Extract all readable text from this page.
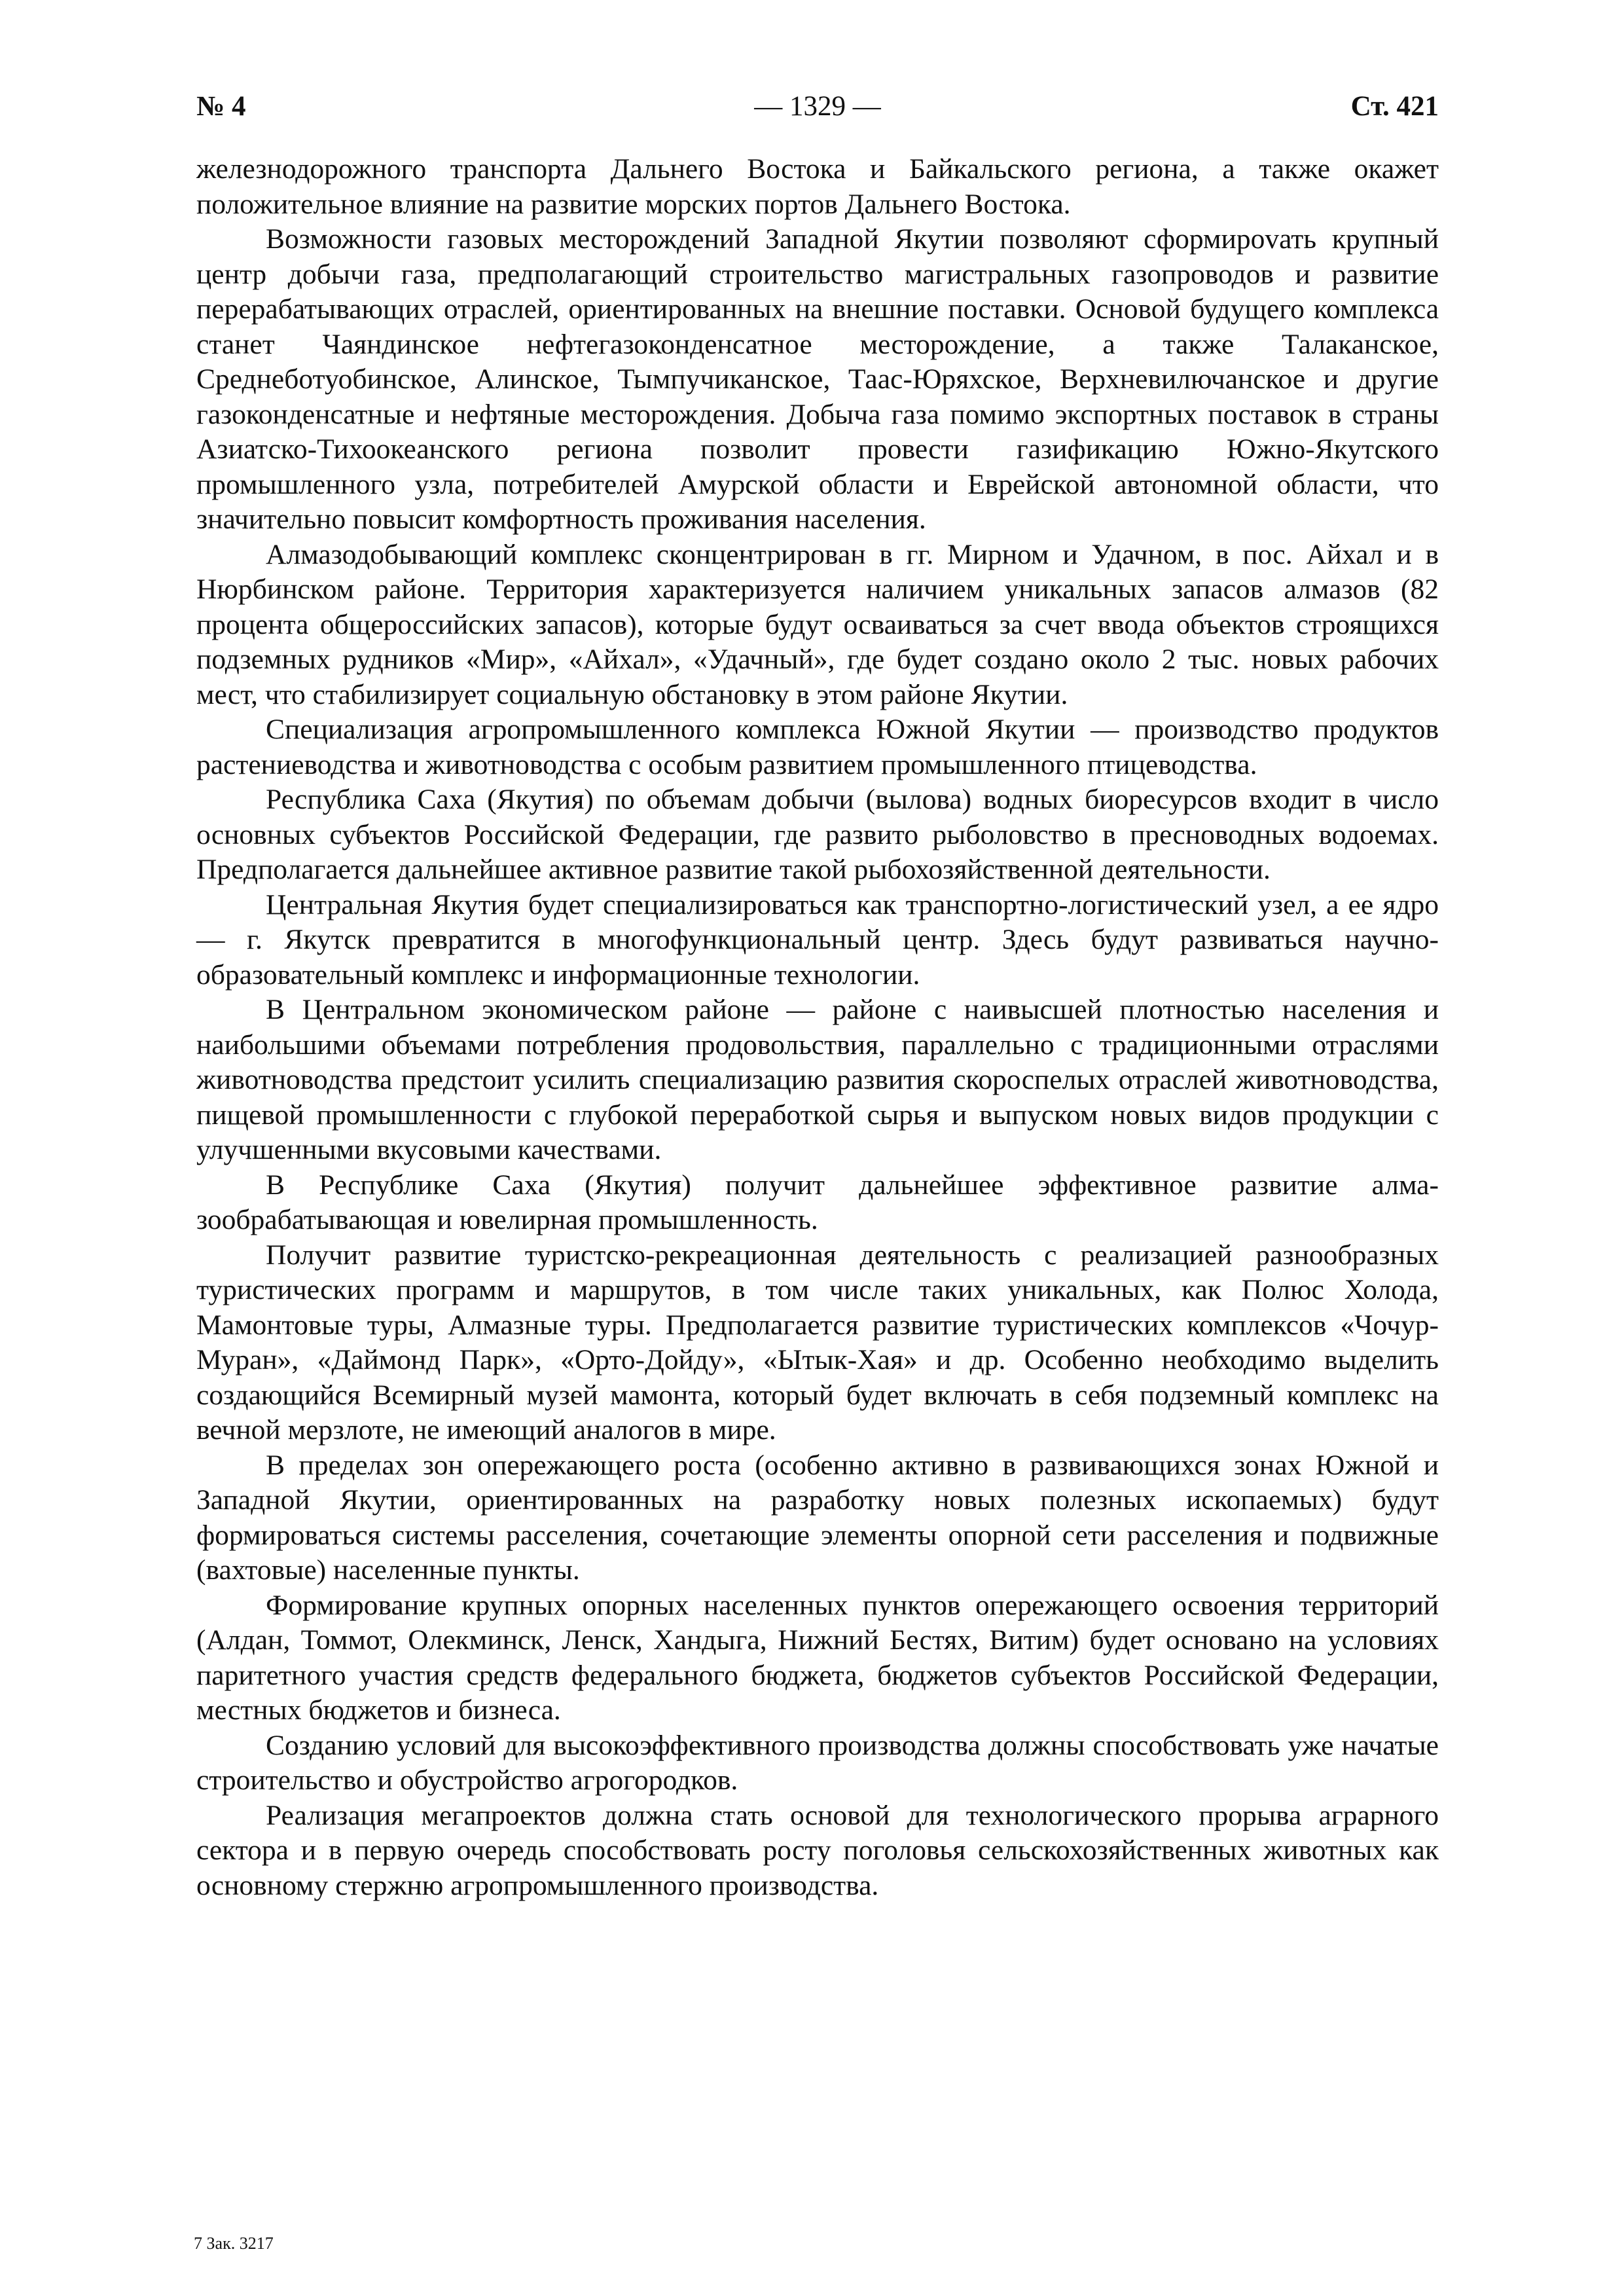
№ 4	— 1329 —	Ст. 421

железнодорожного транспорта Дальнего Востока и Байкальского региона, а также окажет положительное влияние на развитие морских портов Дальнего Востока.

Возможности газовых месторождений Западной Якутии позволяют сформироvать крупный центр добычи газа, предполагающий строительство магистральных газопроводов и развитие перерабатывающих отраслей, ориентированных на внешние поставки. Основой будущего комплекса станет Чаяндинское нефтегазоконденсатное месторождение, а также Талаканское, Среднеботуобинское, Алинское, Тымпучиканское, Таас-Юряхское, Верхневилючанское и другие газоконденсатные и нефтяные месторождения. Добыча газа помимо экспортных поставок в страны Азиатско-Тихоокеанского региона позволит провести газификацию Южно-Якутского промышленного узла, потребителей Амурской области и Еврейской автономной области, что значительно повысит комфортность проживания населения.

Алмазодобывающий комплекс сконцентрирован в гг. Мирном и Удачном, в пос. Айхал и в Нюрбинском районе. Территория характеризуется наличием уникальных запасов алмазов (82 процента общероссийских запасов), которые будут осваиваться за счет ввода объектов строящихся подземных рудников «Мир», «Айхал», «Удачный», где будет создано около 2 тыс. новых рабочих мест, что стабилизирует социальную обстановку в этом районе Якутии.

Специализация агропромышленного комплекса Южной Якутии — производство продуктов растениеводства и животноводства с особым развитием промышленного птицеводства.

Республика Саха (Якутия) по объемам добычи (вылова) водных биоресурсов входит в число основных субъектов Российской Федерации, где развито рыболовство в пресноводных водоемах. Предполагается дальнейшее активное развитие такой рыбохозяйственной деятельности.

Центральная Якутия будет специализироваться как транспортно-логистический узел, а ее ядро — г. Якутск превратится в многофункциональный центр. Здесь будут развиваться научно-образовательный комплекс и информационные технологии.

В Центральном экономическом районе — районе с наивысшей плотностью населения и наибольшими объемами потребления продовольствия, параллельно с традиционными отраслями животноводства предстоит усилить специализацию развития скороспелых отраслей животноводства, пищевой промышленности с глубокой переработкой сырья и выпуском новых видов продукции с улучшенными вкусовыми качествами.

В Республике Саха (Якутия) получит дальнейшее эффективное развитие алмазообрабатывающая и ювелирная промышленность.

Получит развитие туристско-рекреационная деятельность с реализацией разнообразных туристических программ и маршрутов, в том числе таких уникальных, как Полюс Холода, Мамонтовые туры, Алмазные туры. Предполагается развитие туристических комплексов «Чочур-Муран», «Даймонд Парк», «Орто-Дойду», «Ытык-Хая» и др. Особенно необходимо выделить создающийся Всемирный музей мамонта, который будет включать в себя подземный комплекс на вечной мерзлоте, не имеющий аналогов в мире.

В пределах зон опережающего роста (особенно активно в развивающихся зонах Южной и Западной Якутии, ориентированных на разработку новых полезных ископаемых) будут формироваться системы расселения, сочетающие элементы опорной сети расселения и подвижные (вахтовые) населенные пункты.

Формирование крупных опорных населенных пунктов опережающего освоения территорий (Алдан, Томмот, Олекминск, Ленск, Хандыга, Нижний Бестях, Витим) будет основано на условиях паритетного участия средств федерального бюджета, бюджетов субъектов Российской Федерации, местных бюджетов и бизнеса.

Созданию условий для высокоэффективного производства должны способствовать уже начатые строительство и обустройство агрогородков.

Реализация мегапроектов должна стать основой для технологического прорыва аграрного сектора и в первую очередь способствовать росту поголовья сельскохозяйственных животных как основному стержню агропромышленного производства.

7 Зак. 3217
